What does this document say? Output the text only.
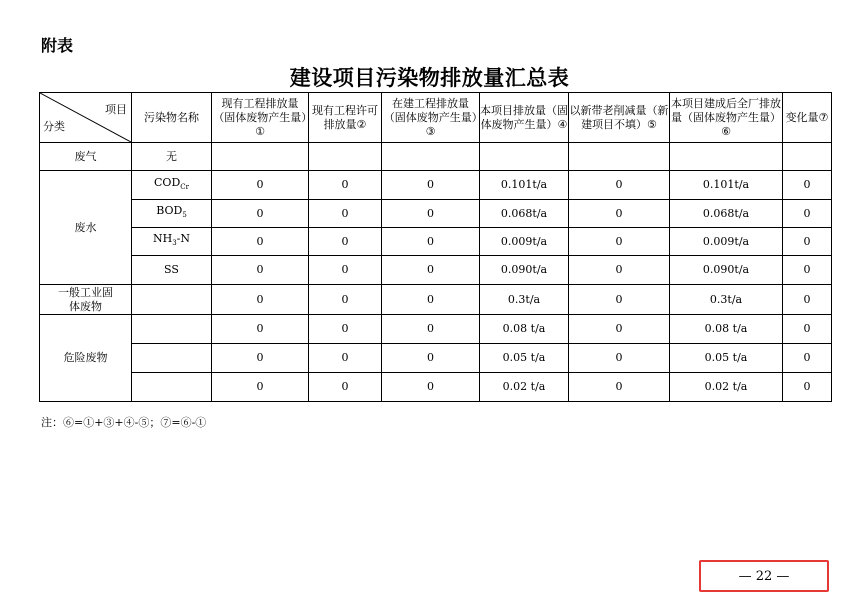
附表
建设项目污染物排放量汇总表
项目
分类	污染物名称	现有工程排放量（固体废物产生量）①	现有工程许可排放量②	在建工程排放量（固体废物产生量）③	本项目排放量（固体废物产生量）④	以新带老削减量（新建项目不填）⑤	本项目建成后全厂排放量（固体废物产生量）⑥	变化量⑦
废气	无							
废水	$COD_{Cr}$	0	0	0	0.101t/a	0	0.101t/a	0
	$BOD_5$	0	0	0	0.068t/a	0	0.068t/a	0
	$NH_3-N$	0	0	0	0.009t/a	0	0.009t/a	0
	SS	0	0	0	0.090t/a	0	0.090t/a	0
一般工业固体废物		0	0	0	0.3t/a	0	0.3t/a	0
危险废物		0	0	0	0.08 t/a	0	0.08 t/a	0
		0	0	0	0.05 t/a	0	0.05 t/a	0
		0	0	0	0.02 t/a	0	0.02 t/a	0
注：⑥=①+③+④-⑤；⑦=⑥-①
— 22 —
